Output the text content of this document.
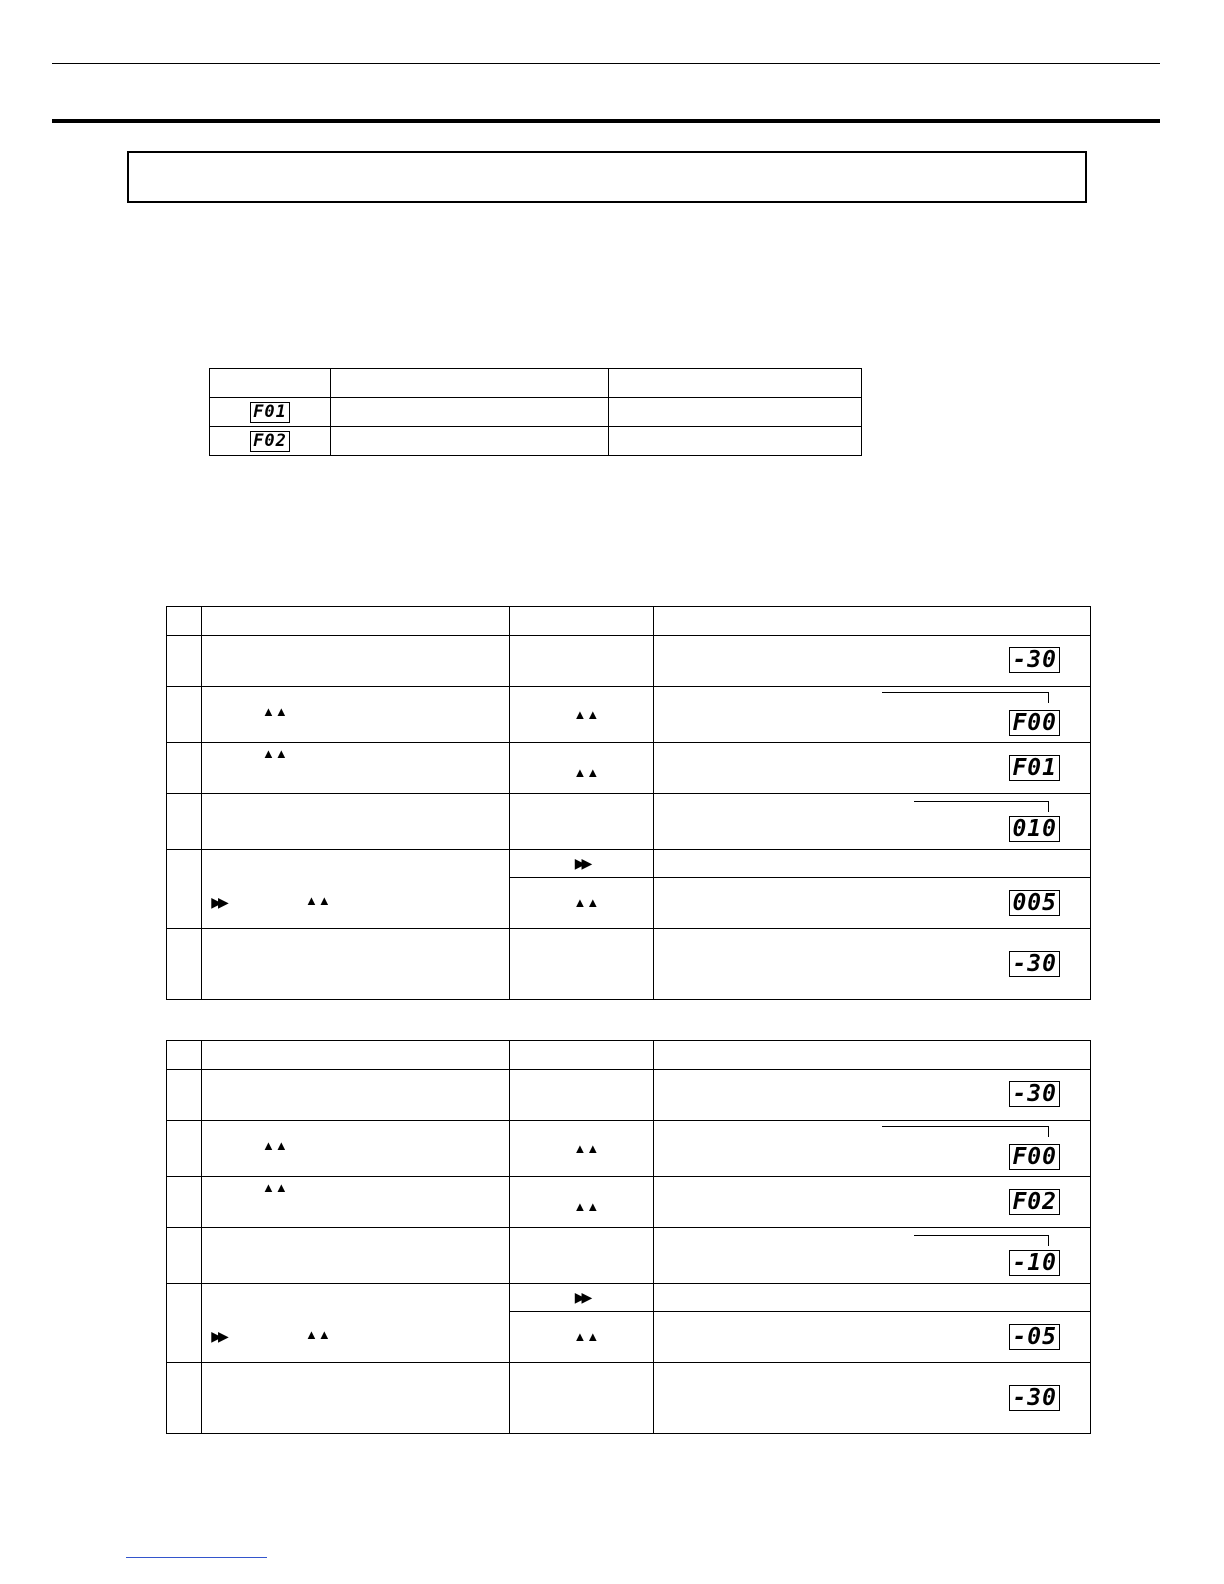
F01		
F02		

			-30

	▲▲	▲▲	F00

	▲▲	▲▲	F01

			010

	▶▶ ▲▲	▶▶	
		▲▲	005

			-30

			-30

	▲▲	▲▲	F00

	▲▲	▲▲	F02

			-10

	▶▶ ▲▲	▶▶	
		▲▲	-05

			-30
